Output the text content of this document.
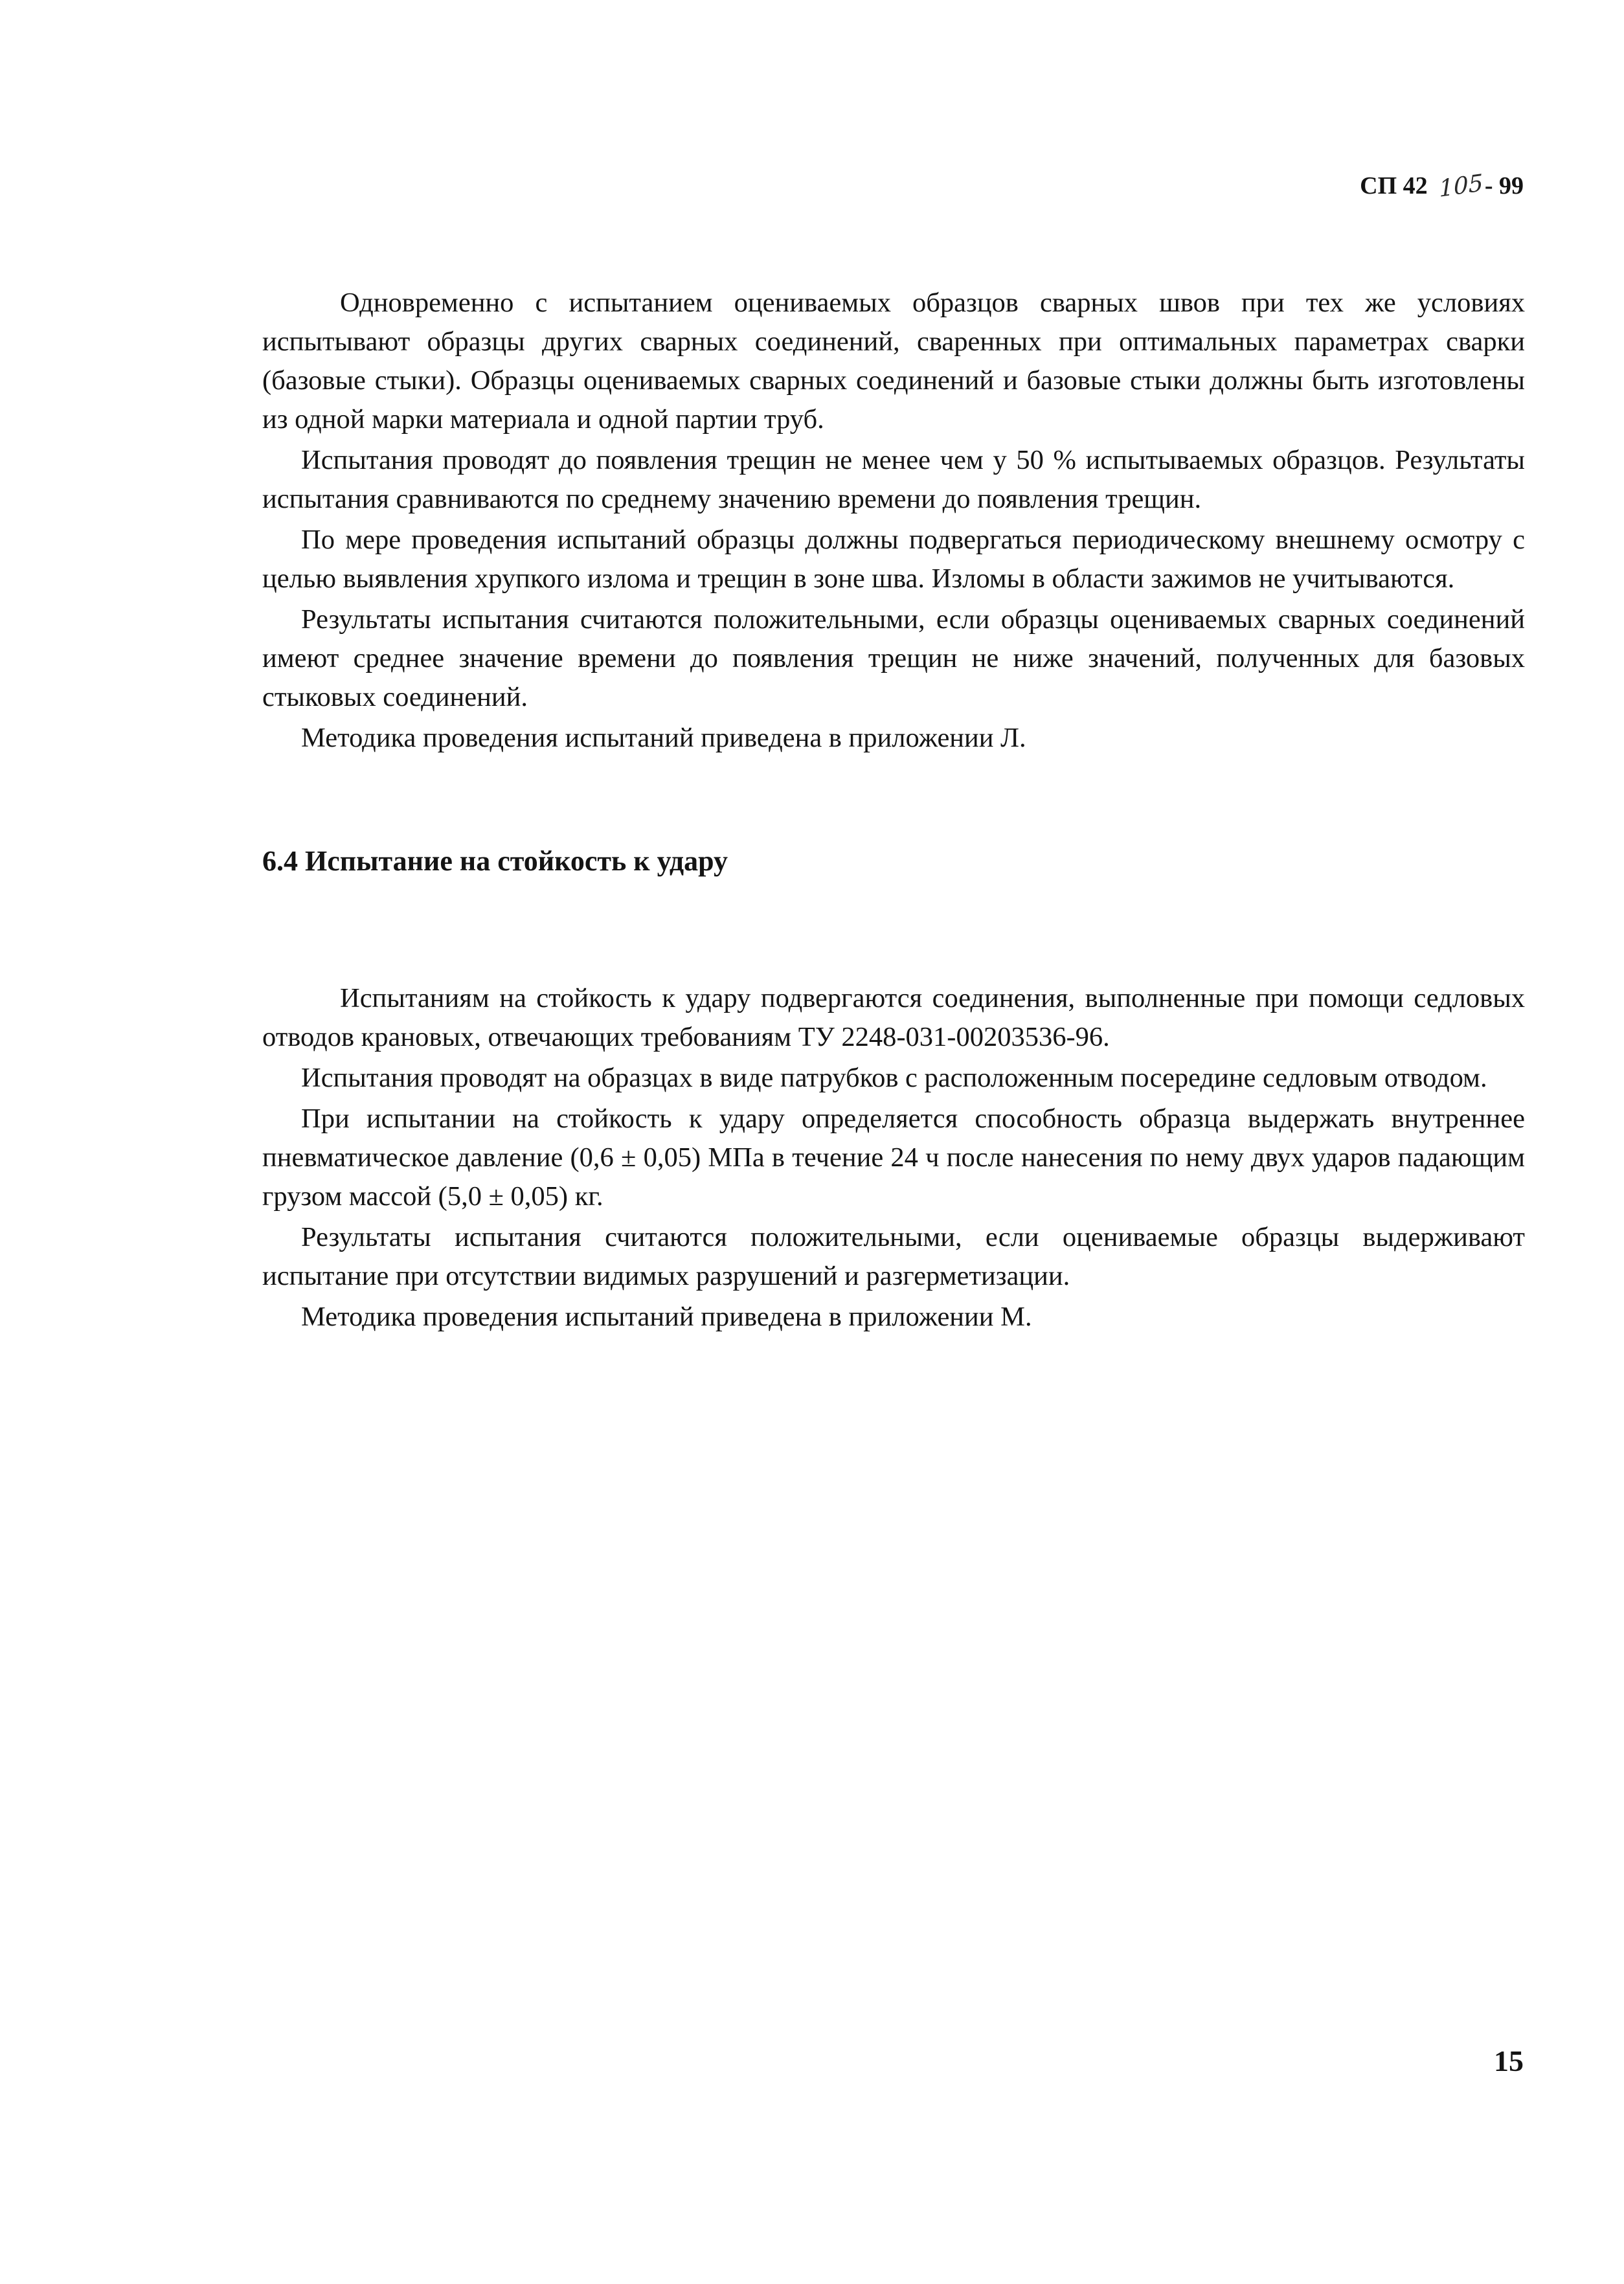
СП 42 105- 99

Одновременно с испытанием оцениваемых образцов сварных швов при тех же условиях испытывают образцы других сварных соединений, сваренных при оптимальных параметрах сварки (базовые стыки). Образцы оцениваемых сварных соединений и базовые стыки должны быть изготовлены из одной марки материала и одной партии труб.

Испытания проводят до появления трещин не менее чем у 50 % испытываемых образцов. Результаты испытания сравниваются по среднему значению времени до появления трещин.

По мере проведения испытаний образцы должны подвергаться периодическому внешнему осмотру с целью выявления хрупкого излома и трещин в зоне шва. Изломы в области зажимов не учитываются.

Результаты испытания считаются положительными, если образцы оцениваемых сварных соединений имеют среднее значение времени до появления трещин не ниже значений, полученных для базовых стыковых соединений.

Методика проведения испытаний приведена в приложении Л.

6.4 Испытание на стойкость к удару

Испытаниям на стойкость к удару подвергаются соединения, выполненные при помощи седловых отводов крановых, отвечающих требованиям ТУ 2248-031-00203536-96.

Испытания проводят на образцах в виде патрубков с расположенным посередине седловым отводом.

При испытании на стойкость к удару определяется способность образца выдержать внутреннее пневматическое давление (0,6 ± 0,05) МПа в течение 24 ч после нанесения по нему двух ударов падающим грузом массой (5,0 ± 0,05) кг.

Результаты испытания считаются положительными, если оцениваемые образцы выдерживают испытание при отсутствии видимых разрушений и разгерметизации.

Методика проведения испытаний приведена в приложении М.

15
